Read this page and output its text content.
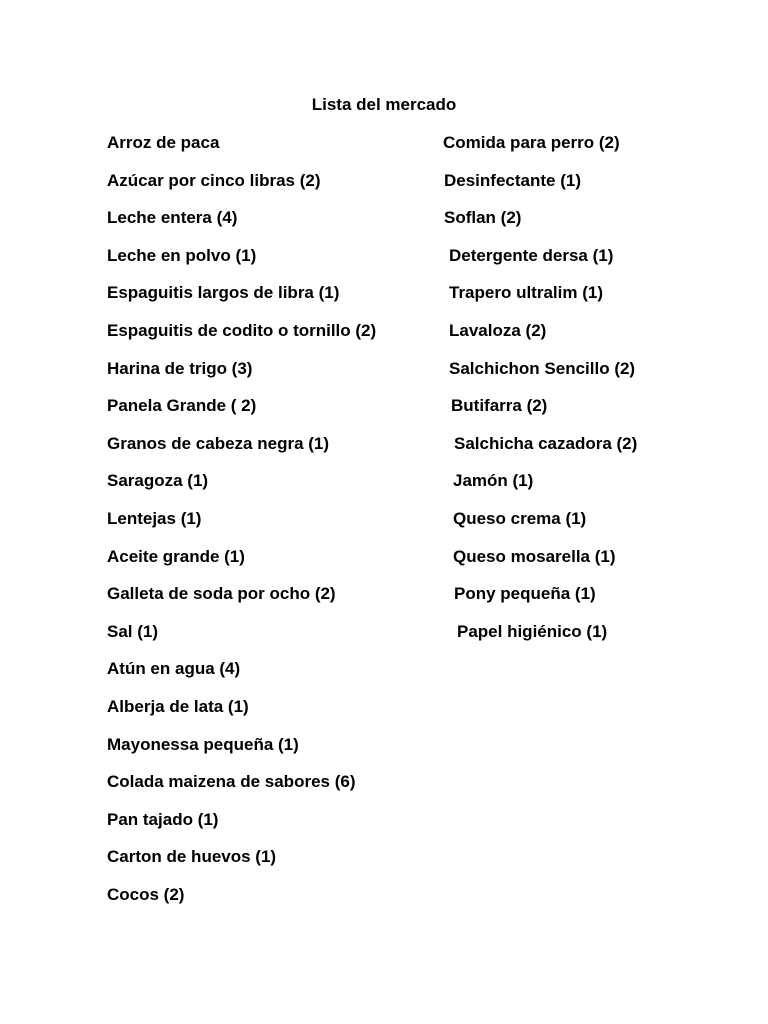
Lista del mercado
Arroz de paca
Azúcar por cinco libras (2)
Leche entera (4)
Leche en polvo (1)
Espaguitis largos de libra (1)
Espaguitis de codito o tornillo (2)
Harina de trigo (3)
Panela Grande ( 2)
Granos de cabeza negra (1)
Saragoza (1)
Lentejas (1)
Aceite grande (1)
Galleta de soda por ocho (2)
Sal (1)
Atún en agua (4)
Alberja de lata (1)
Mayonessa pequeña (1)
Colada maizena de sabores (6)
Pan tajado (1)
Carton de huevos (1)
Cocos (2)
Comida para perro (2)
Desinfectante (1)
Soflan (2)
Detergente dersa (1)
Trapero ultralim (1)
Lavaloza (2)
Salchichon Sencillo (2)
Butifarra (2)
Salchicha cazadora (2)
Jamón (1)
Queso crema (1)
Queso mosarella (1)
Pony pequeña (1)
Papel higiénico (1)
